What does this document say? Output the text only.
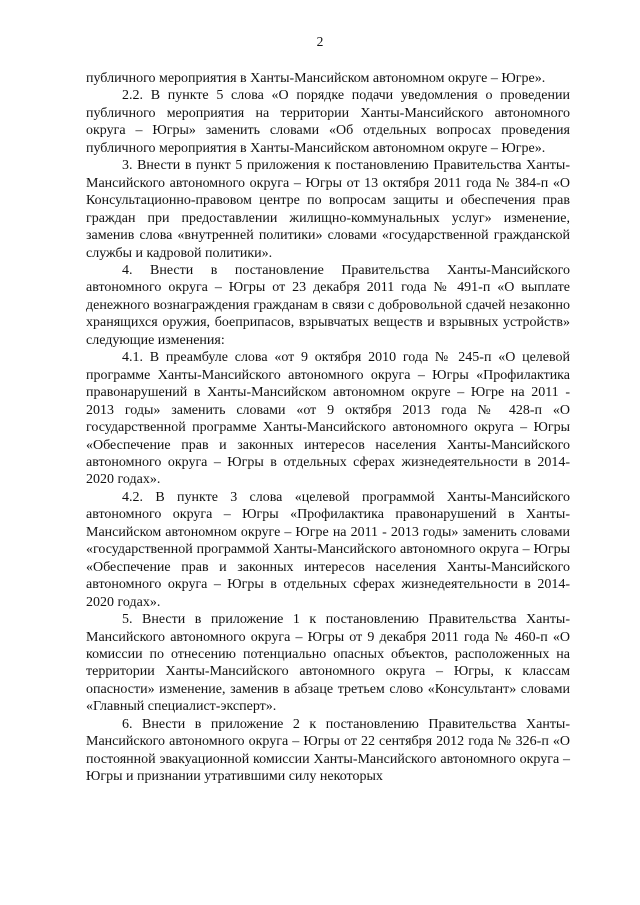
2

публичного мероприятия в Ханты-Мансийском автономном округе – Югре».

2.2. В пункте 5 слова «О порядке подачи уведомления о проведении публичного мероприятия на территории Ханты-Мансийского автономного округа – Югры» заменить словами «Об отдельных вопросах проведения публичного мероприятия в Ханты-Мансийском автономном округе – Югре».

3. Внести в пункт 5 приложения к постановлению Правительства Ханты-Мансийского автономного округа – Югры от 13 октября 2011 года № 384-п «О Консультационно-правовом центре по вопросам защиты и обеспечения прав граждан при предоставлении жилищно-коммунальных услуг» изменение, заменив слова «внутренней политики» словами «государственной гражданской службы и кадровой политики».

4. Внести в постановление Правительства Ханты-Мансийского автономного округа – Югры от 23 декабря 2011 года № 491-п «О выплате денежного вознаграждения гражданам в связи с добровольной сдачей незаконно хранящихся оружия, боеприпасов, взрывчатых веществ и взрывных устройств» следующие изменения:

4.1. В преамбуле слова «от 9 октября 2010 года № 245-п «О целевой программе Ханты-Мансийского автономного округа – Югры «Профилактика правонарушений в Ханты-Мансийском автономном округе – Югре на 2011 - 2013 годы» заменить словами «от 9 октября 2013 года № 428-п «О государственной программе Ханты-Мансийского автономного округа – Югры «Обеспечение прав и законных интересов населения Ханты-Мансийского автономного округа – Югры в отдельных сферах жизнедеятельности в 2014-2020 годах».

4.2. В пункте 3 слова «целевой программой Ханты-Мансийского автономного округа – Югры «Профилактика правонарушений в Ханты-Мансийском автономном округе – Югре на 2011 - 2013 годы» заменить словами «государственной программой Ханты-Мансийского автономного округа – Югры «Обеспечение прав и законных интересов населения Ханты-Мансийского автономного округа – Югры в отдельных сферах жизнедеятельности в 2014-2020 годах».

5. Внести в приложение 1 к постановлению Правительства Ханты-Мансийского автономного округа – Югры от 9 декабря 2011 года № 460-п «О комиссии по отнесению потенциально опасных объектов, расположенных на территории Ханты-Мансийского автономного округа – Югры, к классам опасности» изменение, заменив в абзаце третьем слово «Консультант» словами «Главный специалист-эксперт».

6. Внести в приложение 2 к постановлению Правительства Ханты-Мансийского автономного округа – Югры от 22 сентября 2012 года № 326-п «О постоянной эвакуационной комиссии Ханты-Мансийского автономного округа – Югры и признании утратившими силу некоторых
